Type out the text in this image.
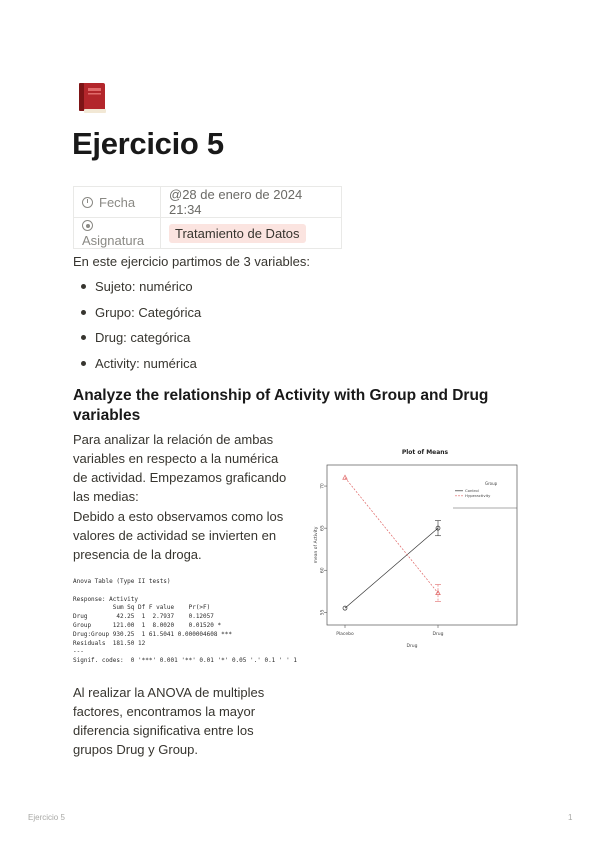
Ejercicio 5
Fecha	@28 de enero de 2024 21:34
Asignatura	Tratamiento de Datos

En este ejercicio partimos de 3 variables:

Sujeto: numérico
Grupo: Categórica
Drug: categórica
Activity: numérica
Analyze the relationship of Activity with Group and Drug variables

Para analizar la relación de ambas variables en respecto a la numérica de actividad. Empezamos graficando las medias:

Debido a esto observamos como los valores de actividad se invierten en presencia de la droga.

Plot of Means
55
60
65
70
Placebo	Drug
Drug
mean of Activity
Group
Control
Hyperactivity
Anova Table (Type II tests)

Response: Activity
Sum Sq Df F value    Pr(>F)
Drug        42.25  1  2.7937    0.12057
Group      121.00  1  8.0020    0.01520 *
Drug:Group 930.25  1 61.5041 0.000004608 ***
Residuals  181.50 12
---
Signif. codes:  0 '***' 0.001 '**' 0.01 '*' 0.05 '.' 0.1 ' ' 1

Al realizar la ANOVA de multiples factores, encontramos la mayor diferencia significativa entre los grupos Drug y Group.

Ejercicio 5	1
